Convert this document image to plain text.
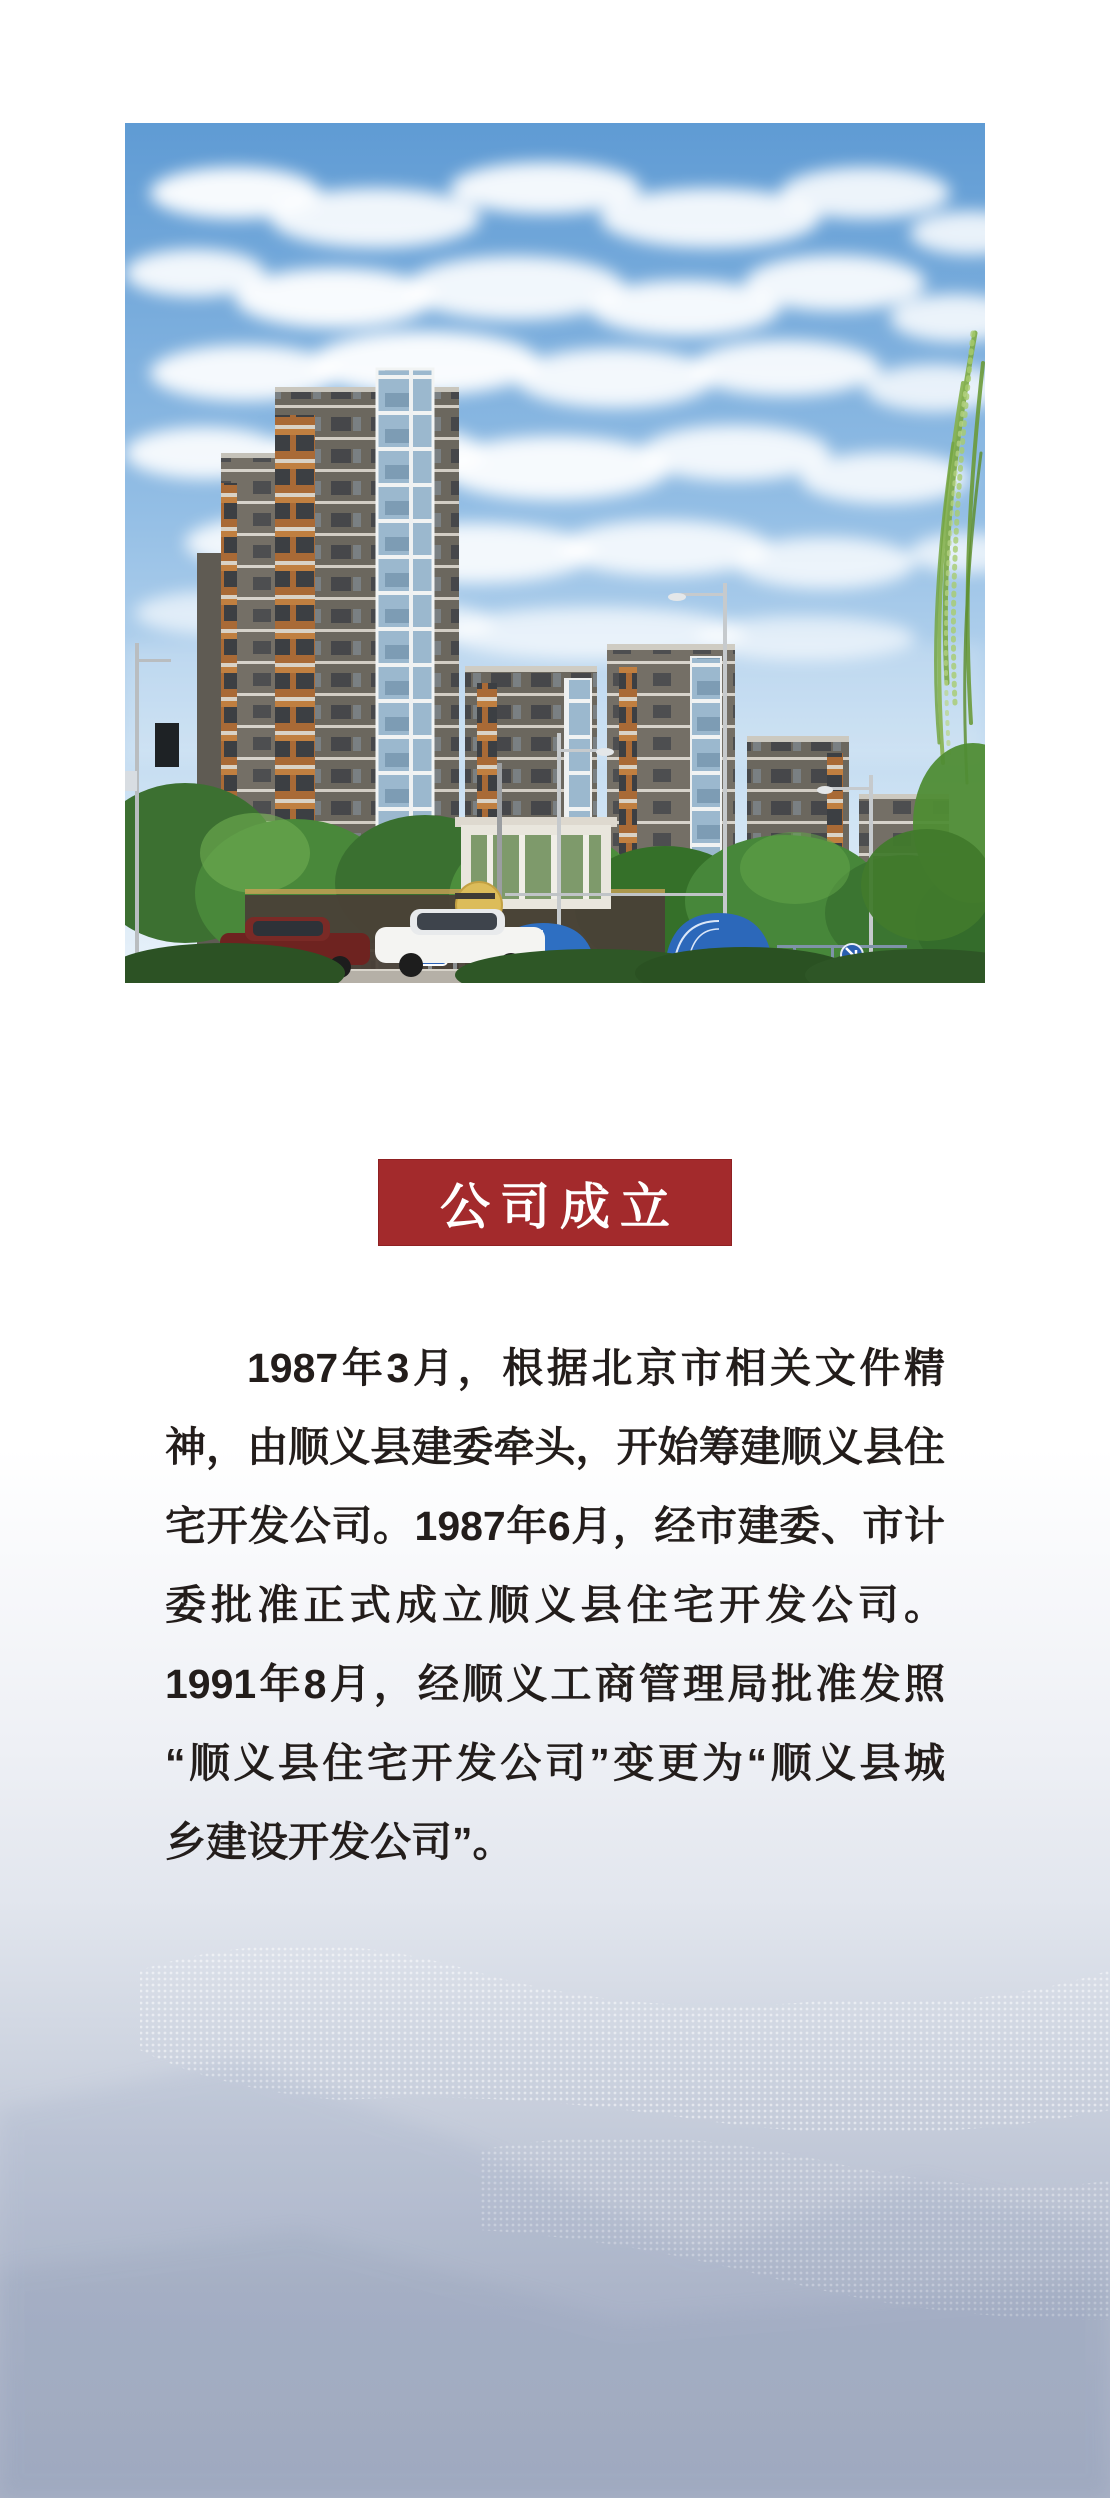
公司成立
1987年3月，根据北京市相关文件精
神，由顺义县建委牵头，开始筹建顺义县住
宅开发公司。1987年6月，经市建委、市计
委批准正式成立顺义县住宅开发公司。
1991年8月，经顺义工商管理局批准发照
“顺义县住宅开发公司”变更为“顺义县城
乡建设开发公司”。
